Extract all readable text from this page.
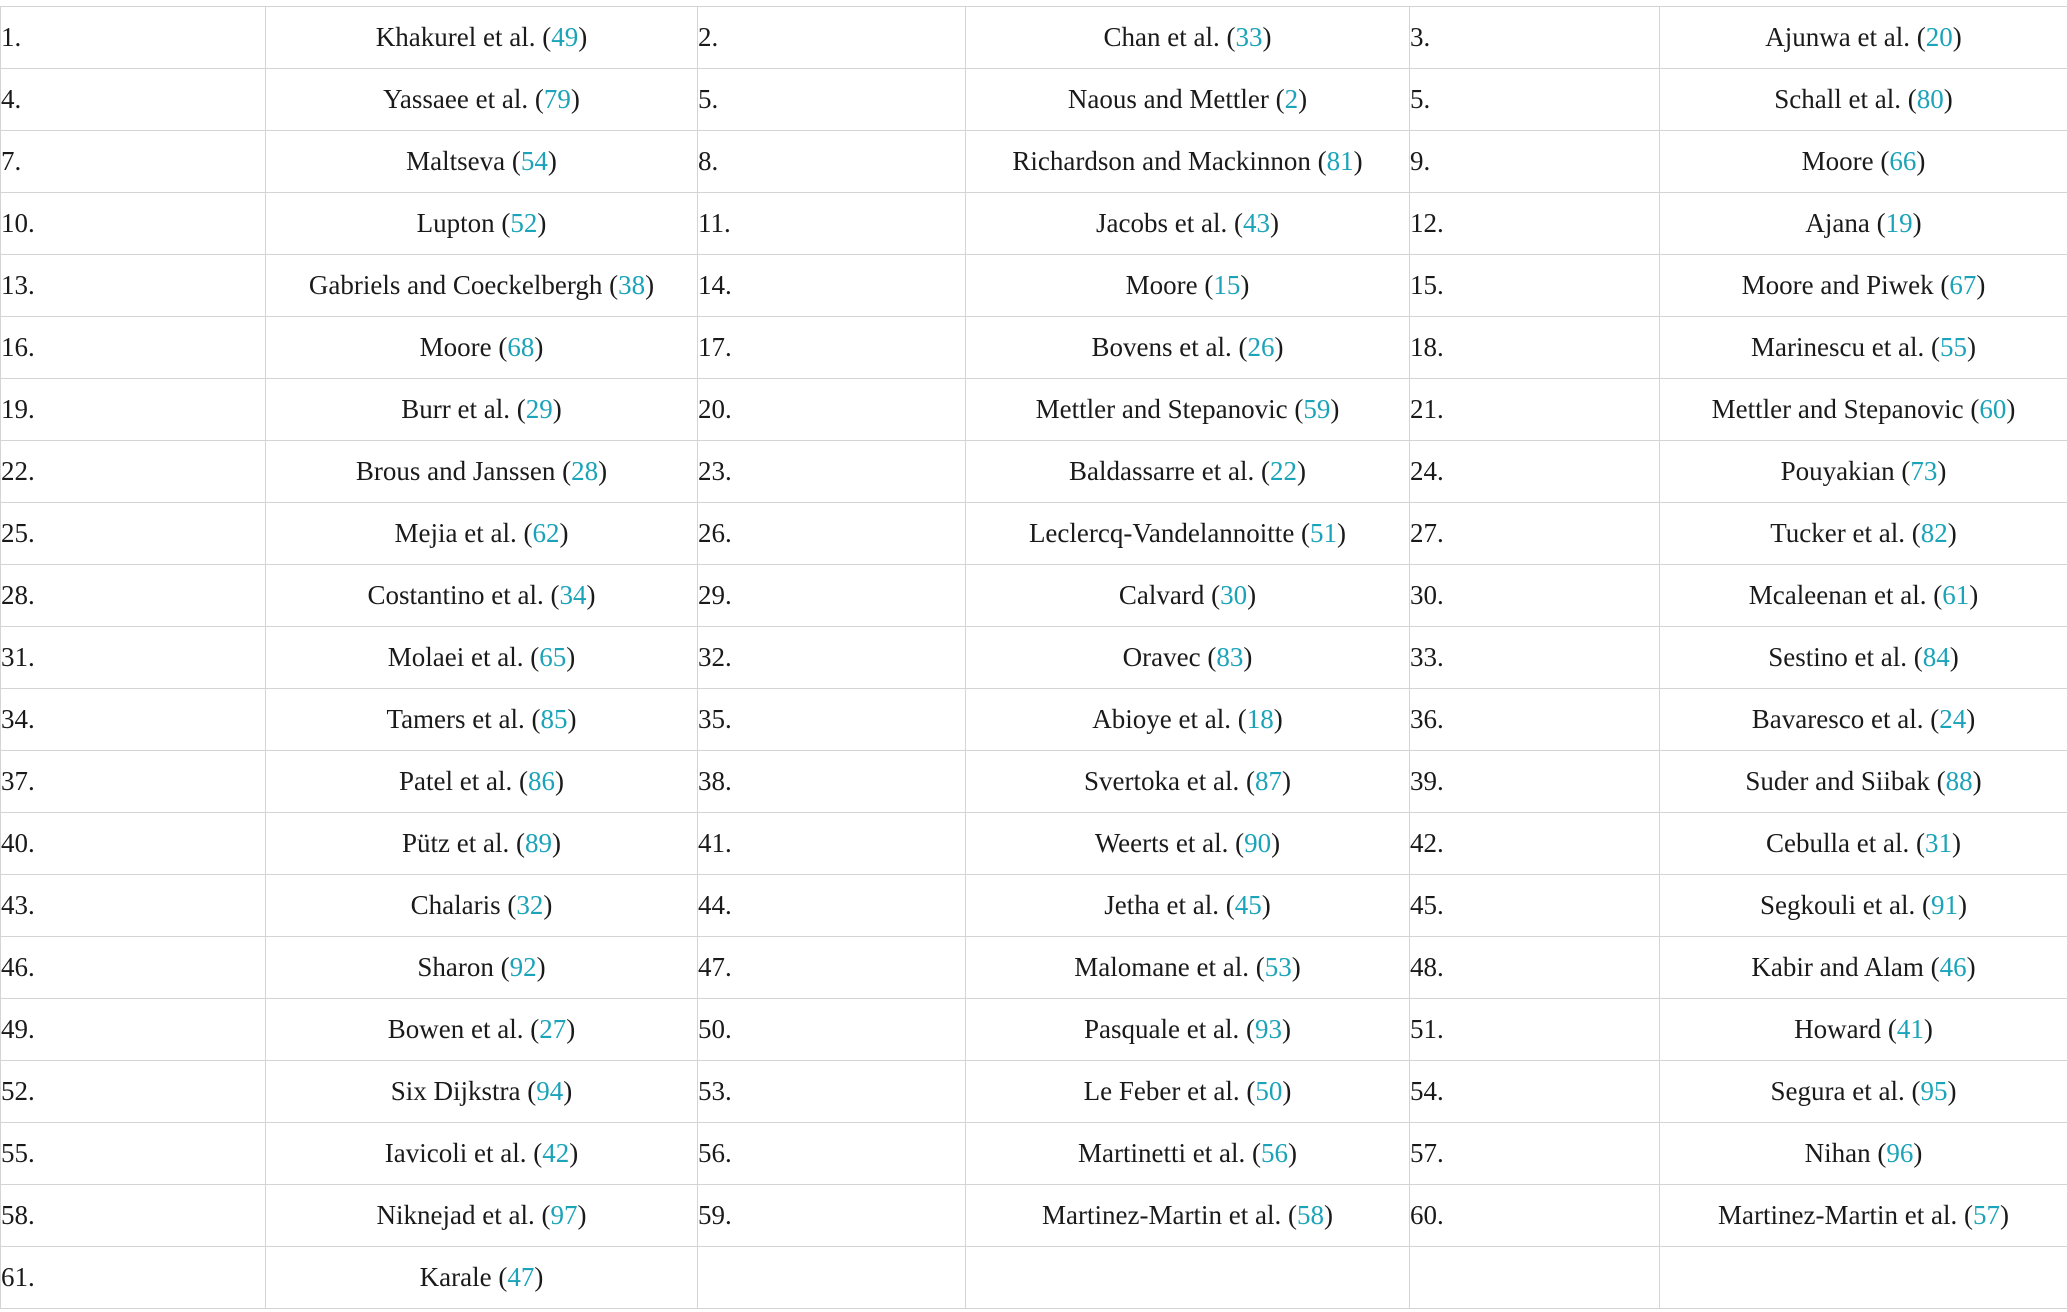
1.	Khakurel et al. (49)	2.	Chan et al. (33)	3.	Ajunwa et al. (20)
4.	Yassaee et al. (79)	5.	Naous and Mettler (2)	5.	Schall et al. (80)
7.	Maltseva (54)	8.	Richardson and Mackinnon (81)	9.	Moore (66)
10.	Lupton (52)	11.	Jacobs et al. (43)	12.	Ajana (19)
13.	Gabriels and Coeckelbergh (38)	14.	Moore (15)	15.	Moore and Piwek (67)
16.	Moore (68)	17.	Bovens et al. (26)	18.	Marinescu et al. (55)
19.	Burr et al. (29)	20.	Mettler and Stepanovic (59)	21.	Mettler and Stepanovic (60)
22.	Brous and Janssen (28)	23.	Baldassarre et al. (22)	24.	Pouyakian (73)
25.	Mejia et al. (62)	26.	Leclercq-Vandelannoitte (51)	27.	Tucker et al. (82)
28.	Costantino et al. (34)	29.	Calvard (30)	30.	Mcaleenan et al. (61)
31.	Molaei et al. (65)	32.	Oravec (83)	33.	Sestino et al. (84)
34.	Tamers et al. (85)	35.	Abioye et al. (18)	36.	Bavaresco et al. (24)
37.	Patel et al. (86)	38.	Svertoka et al. (87)	39.	Suder and Siibak (88)
40.	Pütz et al. (89)	41.	Weerts et al. (90)	42.	Cebulla et al. (31)
43.	Chalaris (32)	44.	Jetha et al. (45)	45.	Segkouli et al. (91)
46.	Sharon (92)	47.	Malomane et al. (53)	48.	Kabir and Alam (46)
49.	Bowen et al. (27)	50.	Pasquale et al. (93)	51.	Howard (41)
52.	Six Dijkstra (94)	53.	Le Feber et al. (50)	54.	Segura et al. (95)
55.	Iavicoli et al. (42)	56.	Martinetti et al. (56)	57.	Nihan (96)
58.	Niknejad et al. (97)	59.	Martinez-Martin et al. (58)	60.	Martinez-Martin et al. (57)
61.	Karale (47)				
